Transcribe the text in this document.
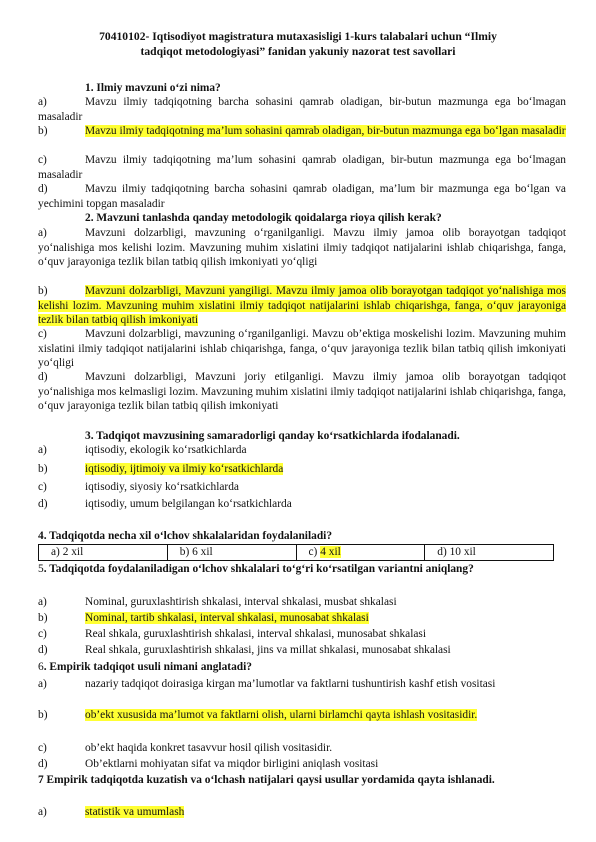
70410102- Iqtisodiyot magistratura mutaxasisligi 1-kurs talabalari uchun “Ilmiy
tadqiqot metodologiyasi” fanidan yakuniy nazorat test savollari
1. Ilmiy mavzuni o‘zi nima?
a)	Mavzu ilmiy tadqiqotning barcha sohasini qamrab oladigan, bir-butun mazmunga ega bo‘lmagan masaladir
b)	Mavzu ilmiy tadqiqotning ma’lum sohasini qamrab oladigan, bir-butun mazmunga ega bo‘lgan masaladir
c)	Mavzu ilmiy tadqiqotning ma’lum sohasini qamrab oladigan, bir-butun mazmunga ega bo‘lmagan masaladir
d)	Mavzu ilmiy tadqiqotning barcha sohasini qamrab oladigan, ma’lum bir mazmunga ega bo‘lgan va yechimini topgan masaladir
2. Mavzuni tanlashda qanday metodologik qoidalarga rioya qilish kerak?
a)	Mavzuni dolzarbligi, mavzuning o‘rganilganligi. Mavzu ilmiy jamoa olib borayotgan tadqiqot yo‘nalishiga mos kelishi lozim. Mavzuning muhim xislatini ilmiy tadqiqot natijalarini ishlab chiqarishga, fanga, o‘quv jarayoniga tezlik bilan tatbiq qilish imkoniyati yo‘qligi
b)	Mavzuni dolzarbligi, Mavzuni yangiligi. Mavzu ilmiy jamoa olib borayotgan tadqiqot yo‘nalishiga mos kelishi lozim. Mavzuning muhim xislatini ilmiy tadqiqot natijalarini ishlab chiqarishga, fanga, o‘quv jarayoniga tezlik bilan tatbiq qilish imkoniyati
c)	Mavzuni dolzarbligi, mavzuning o‘rganilganligi. Mavzu ob’ektiga moskelishi lozim. Mavzuning muhim xislatini ilmiy tadqiqot natijalarini ishlab chiqarishga, fanga, o‘quv jarayoniga tezlik bilan tatbiq qilish imkoniyati yo‘qligi
d)	Mavzuni dolzarbligi, Mavzuni joriy etilganligi. Mavzu ilmiy jamoa olib borayotgan tadqiqot yo‘nalishiga mos kelmasligi lozim. Mavzuning muhim xislatini ilmiy tadqiqot natijalarini ishlab chiqarishga, fanga, o‘quv jarayoniga tezlik bilan tatbiq qilish imkoniyati
3. Tadqiqot mavzusining samaradorligi qanday ko‘rsatkichlarda ifodalanadi.
a)	iqtisodiy, ekologik ko‘rsatkichlarda
b)	iqtisodiy, ijtimoiy va ilmiy ko‘rsatkichlarda
c)	iqtisodiy, siyosiy ko‘rsatkichlarda
d)	iqtisodiy, umum belgilangan ko‘rsatkichlarda
4. Tadqiqotda necha xil o‘lchov shkalalaridan foydalaniladi?
a) 2 xil	b) 6 xil	c) 4 xil	d) 10 xil
5. Tadqiqotda foydalaniladigan o‘lchov shkalalari to‘g‘ri ko‘rsatilgan variantni aniqlang?
a)	Nominal, guruxlashtirish shkalasi, interval shkalasi, musbat shkalasi
b)	Nominal, tartib shkalasi, interval shkalasi, munosabat shkalasi
c)	Real shkala, guruxlashtirish shkalasi, interval shkalasi, munosabat shkalasi
d)	Real shkala, guruxlashtirish shkalasi, jins va millat shkalasi, munosabat shkalasi
6. Empirik tadqiqot usuli nimani anglatadi?
a)	nazariy tadqiqot doirasiga kirgan ma’lumotlar va faktlarni tushuntirish kashf etish vositasi
b)	ob’ekt xususida ma’lumot va faktlarni olish, ularni birlamchi qayta ishlash vositasidir.
c)	ob’ekt haqida konkret tasavvur hosil qilish vositasidir.
d)	Ob’ektlarni mohiyatan sifat va miqdor birligini aniqlash vositasi
7 Empirik tadqiqotda kuzatish va o‘lchash natijalari qaysi usullar yordamida qayta ishlanadi.
a)	statistik va umumlash
